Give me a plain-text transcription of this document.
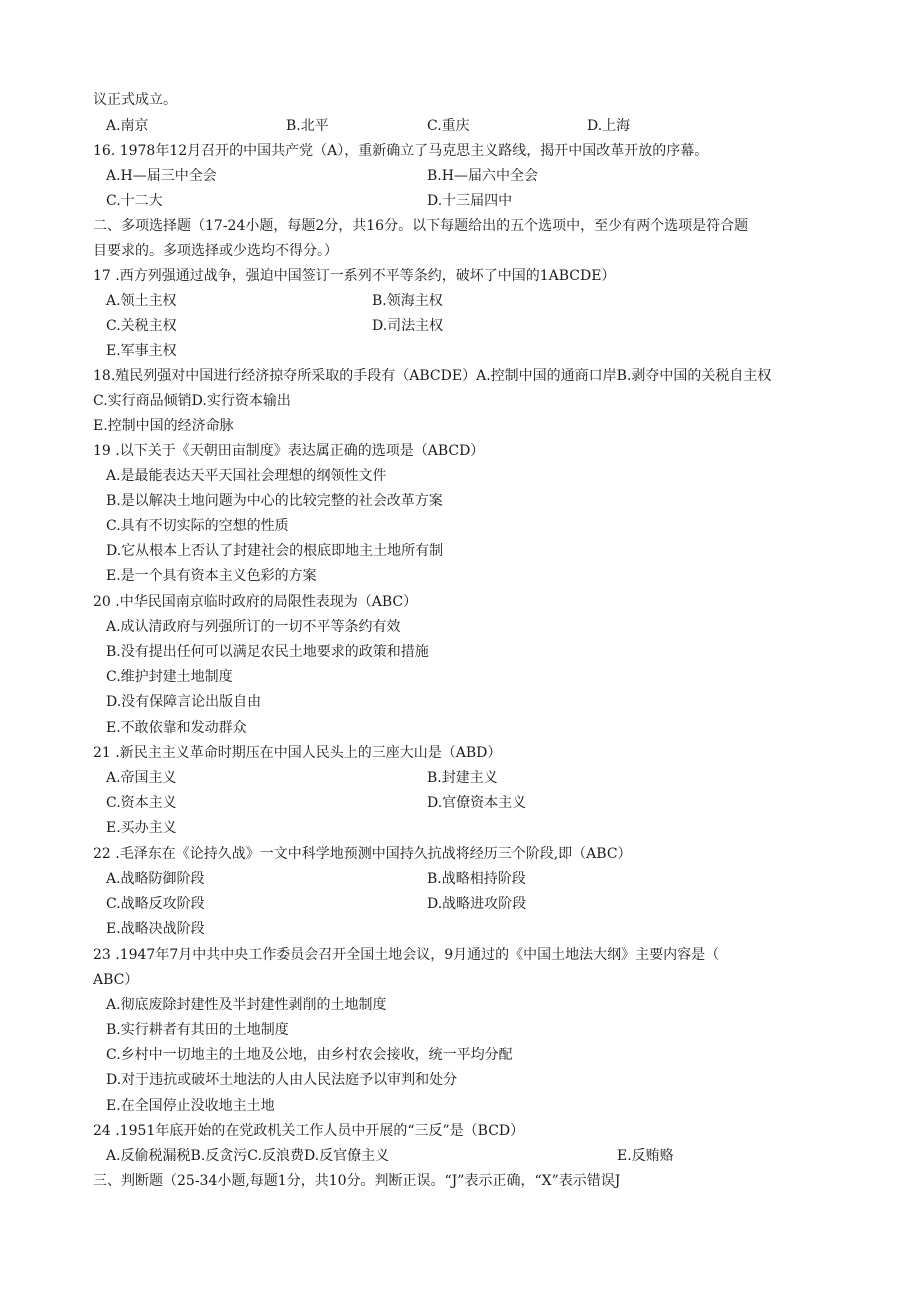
议正式成立。
A.南京	B.北平	C.重庆	D.上海
16. 1978年12月召开的中国共产党（A），重新确立了马克思主义路线，揭开中国改革开放的序幕。
A.H—届三中全会	B.H—届六中全会
C.十二大	D.十三届四中
二、多项选择题（17-24小题，每题2分，共16分。以下每题给出的五个选项中，至少有两个选项是符合题
目要求的。多项选择或少选均不得分。）
17 .西方列强通过战争，强迫中国签订一系列不平等条约，破坏了中国的1ABCDE）
A.领土主权	B.领海主权
C.关税主权	D.司法主权
E.军事主权
18.殖民列强对中国进行经济掠夺所采取的手段有（ABCDE）A.控制中国的通商口岸B.剥夺中国的关税自主权
C.实行商品倾销D.实行资本输出
E.控制中国的经济命脉
19 .以下关于《天朝田亩制度》表达属正确的选项是（ABCD）
A.是最能表达天平天国社会理想的纲领性文件
B.是以解决土地问题为中心的比较完整的社会改革方案
C.具有不切实际的空想的性质
D.它从根本上否认了封建社会的根底即地主土地所有制
E.是一个具有资本主义色彩的方案
20 .中华民国南京临时政府的局限性表现为（ABC）
A.成认清政府与列强所订的一切不平等条约有效
B.没有提出任何可以满足农民土地要求的政策和措施
C.维护封建土地制度
D.没有保障言论出版自由
E.不敢依靠和发动群众
21 .新民主主义革命时期压在中国人民头上的三座大山是（ABD）
A.帝国主义	B.封建主义
C.资本主义	D.官僚资本主义
E.买办主义
22 .毛泽东在《论持久战》一文中科学地预测中国持久抗战将经历三个阶段,即（ABC）
A.战略防御阶段	B.战略相持阶段
C.战略反攻阶段	D.战略进攻阶段
E.战略决战阶段
23 .1947年7月中共中央工作委员会召开全国土地会议，9月通过的《中国土地法大纲》主要内容是（
ABC）
A.彻底废除封建性及半封建性剥削的土地制度
B.实行耕者有其田的土地制度
C.乡村中一切地主的土地及公地，由乡村农会接收，统一平均分配
D.对于违抗或破坏土地法的人由人民法庭予以审判和处分
E.在全国停止没收地主土地
24 .1951年底开始的在党政机关工作人员中开展的“三反”是（BCD）
A.反偷税漏税B.反贪污C.反浪费D.反官僚主义	E.反贿赂
三、判断题（25-34小题,每题1分，共10分。判断正误。“J”表示正确，“X”表示错误J
